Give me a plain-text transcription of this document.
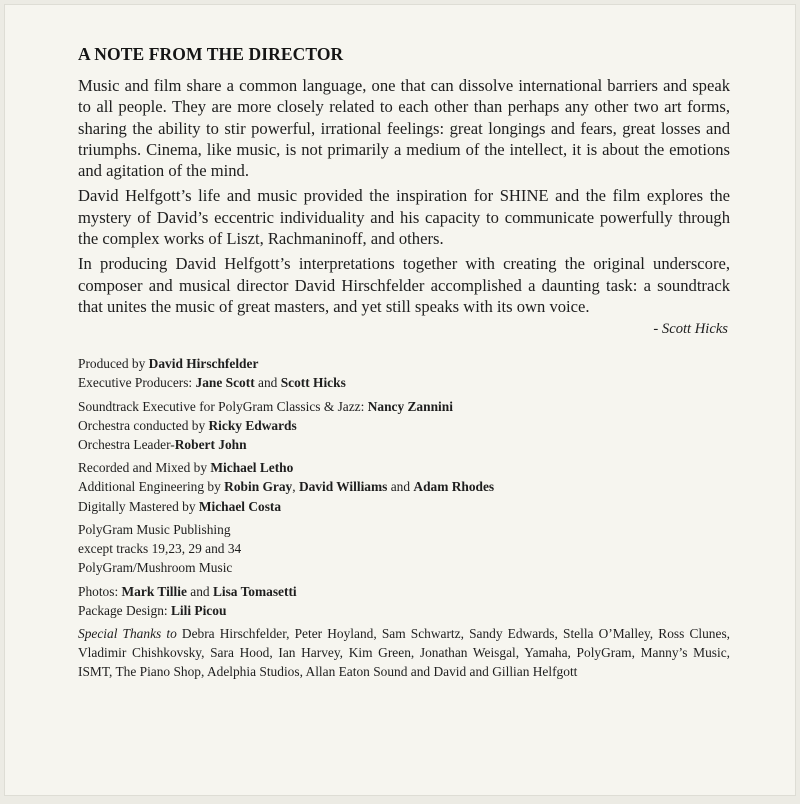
A NOTE FROM THE DIRECTOR

Music and film share a common language, one that can dissolve international barriers and speak to all people. They are more closely related to each other than perhaps any other two art forms, sharing the ability to stir powerful, irrational feelings: great longings and fears, great losses and triumphs. Cinema, like music, is not primarily a medium of the intellect, it is about the emotions and agitation of the mind.

David Helfgott’s life and music provided the inspiration for SHINE and the film explores the mystery of David’s eccentric individuality and his capacity to communicate powerfully through the complex works of Liszt, Rachmaninoff, and others.

In producing David Helfgott’s interpretations together with creating the original underscore, composer and musical director David Hirschfelder accomplished a daunting task: a soundtrack that unites the music of great masters, and yet still speaks with its own voice.

- Scott Hicks
Produced by David Hirschfelder
Executive Producers: Jane Scott and Scott Hicks
Soundtrack Executive for PolyGram Classics & Jazz: Nancy Zannini
Orchestra conducted by Ricky Edwards
Orchestra Leader-Robert John
Recorded and Mixed by Michael Letho
Additional Engineering by Robin Gray, David Williams and Adam Rhodes
Digitally Mastered by Michael Costa
PolyGram Music Publishing
except tracks 19,23, 29 and 34
PolyGram/Mushroom Music
Photos: Mark Tillie and Lisa Tomasetti
Package Design: Lili Picou
Special Thanks to Debra Hirschfelder, Peter Hoyland, Sam Schwartz, Sandy Edwards, Stella O’Malley, Ross Clunes, Vladimir Chishkovsky, Sara Hood, Ian Harvey, Kim Green, Jonathan Weisgal, Yamaha, PolyGram, Manny’s Music, ISMT, The Piano Shop, Adelphia Studios, Allan Eaton Sound and David and Gillian Helfgott
